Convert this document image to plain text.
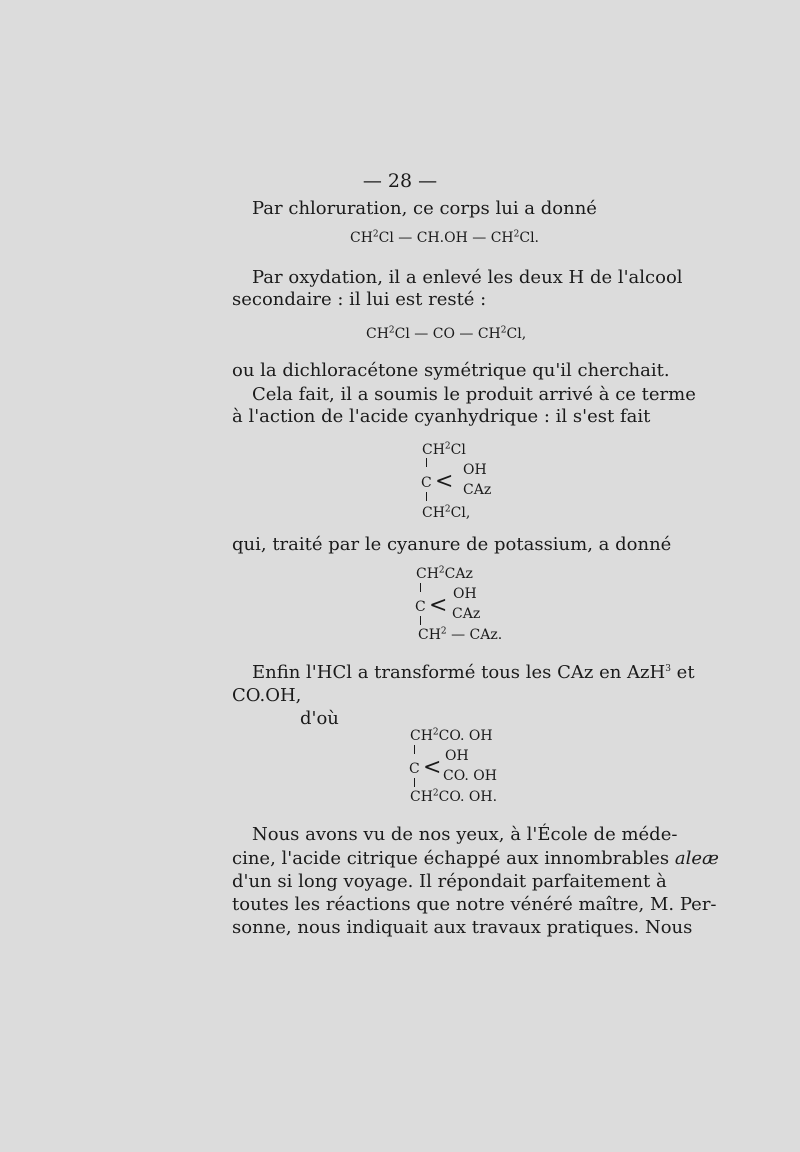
— 28 —
Par chloruration, ce corps lui a donné
$CH^2Cl$ — CH.OH — $CH^2Cl$.
Par oxydation, il a enlevé les deux H de l'alcool
secondaire : il lui est resté :
$CH^2Cl$ — CO — $CH^2Cl$,
ou la dichloracétone symétrique qu'il cherchait.
Cela fait, il a soumis le produit arrivé à ce terme
à l'action de l'acide cyanhydrique : il s'est fait
$CH^2Cl$
C < OH
CAz
$CH^2Cl$,
qui, traité par le cyanure de potassium, a donné
$CH^2CAz$
C < OH
CAz
$CH^2$ — CAz.
Enfin l'HCl a transformé tous les CAz en AzH$^3$ et
CO.OH,
d'où
$CH^2CO$. OH
C < OH
CO. OH
$CH^2CO$. OH.
Nous avons vu de nos yeux, à l'École de méde-
cine, l'acide citrique échappé aux innombrables aleæ
d'un si long voyage. Il répondait parfaitement à
toutes les réactions que notre vénéré maître, M. Per-
sonne, nous indiquait aux travaux pratiques. Nous
